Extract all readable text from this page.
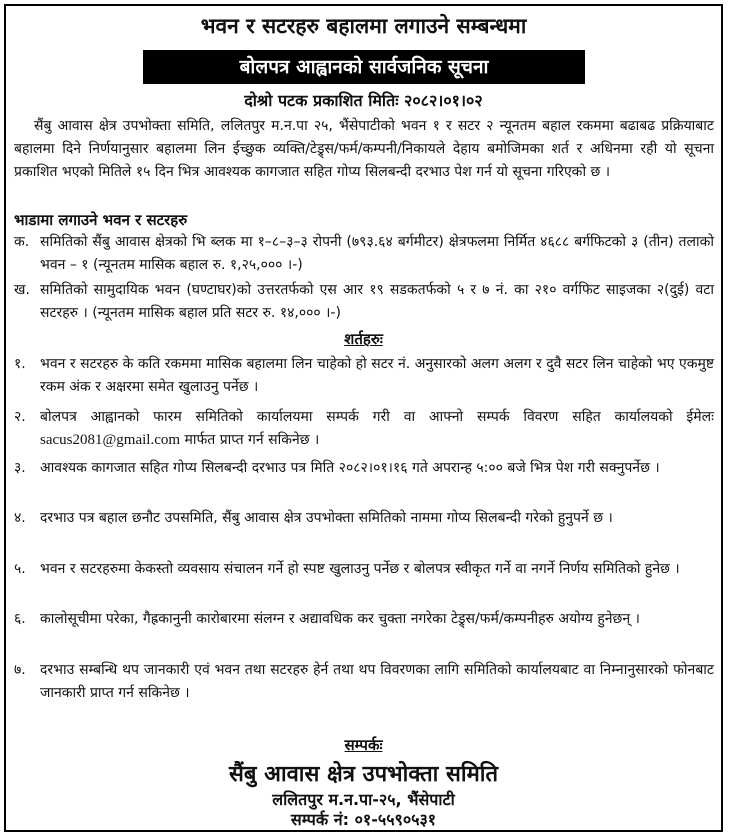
भवन र सटरहरु बहालमा लगाउने सम्बन्धमा
बोलपत्र आह्वानको सार्वजनिक सूचना
दोश्रो पटक प्रकाशित मितिः २०८२।०१।०२
सैंबु आवास क्षेत्र उपभोक्ता समिति, ललितपुर म.न.पा २५, भैंसेपाटीको भवन १ र सटर २ न्यूनतम बहाल रकममा बढाबढ प्रक्रियाबाट बहालमा दिने निर्णयानुसार बहालमा लिन ईच्छुक व्यक्ति/टेड्र्स/फर्म/कम्पनी/निकायले देहाय बमोजिमका शर्त र अधिनमा रही यो सूचना प्रकाशित भएको मितिले १५ दिन भित्र आवश्यक कागजात सहित गोप्य सिलबन्दी दरभाउ पेश गर्न यो सूचना गरिएको छ ।
भाडामा लगाउने भवन र सटरहरु
क. समितिको सैंबु आवास क्षेत्रको भि ब्लक मा १–८–३–३ रोपनी (७९३.६४ बर्गमीटर) क्षेत्रफलमा निर्मित ४६८८ बर्गफिटको ३ (तीन) तलाको भवन – १ (न्यूनतम मासिक बहाल रु. १,२५,००० ।-)
ख. समितिको सामुदायिक भवन (घण्टाघर)को उत्तरतर्फको एस आर १९ सडकतर्फको ५ र ७ नं. का २१० वर्गफिट साइजका २(दुई) वटा सटरहरु । (न्यूनतम मासिक बहाल प्रति सटर रु. १४,००० ।-)
शर्तहरुः
१.	भवन र सटरहरु के कति रकममा मासिक बहालमा लिन चाहेको हो सटर नं. अनुसारको अलग अलग र दुवै सटर लिन चाहेको भए एकमुष्ट रकम अंक र अक्षरमा समेत खुलाउनु पर्नेछ ।
२.	बोलपत्र आह्वानको फारम समितिको कार्यालयमा सम्पर्क गरी वा आफ्नो सम्पर्क विवरण सहित कार्यालयको ईमेलः sacus2081@gmail.com मार्फत प्राप्त गर्न सकिनेछ ।
३.	आवश्यक कागजात सहित गोप्य सिलबन्दी दरभाउ पत्र मिति २०८२।०१।१६ गते अपरान्ह ५:०० बजे भित्र पेश गरी सक्नुपर्नेछ ।
४.	दरभाउ पत्र बहाल छनौट उपसमिति, सैंबु आवास क्षेत्र उपभोक्ता समितिको नाममा गोप्य सिलबन्दी गरेको हुनुपर्ने छ ।
५.	भवन र सटरहरुमा केकस्तो व्यवसाय संचालन गर्ने हो स्पष्ट खुलाउनु पर्नेछ र बोलपत्र स्वीकृत गर्ने वा नगर्ने निर्णय समितिको हुनेछ ।
६.	कालोसूचीमा परेका, गैह्रकानुनी कारोबारमा संलग्न र अद्यावधिक कर चुक्ता नगरेका टेड्र्स/फर्म/कम्पनीहरु अयोग्य हुनेछन् ।
७.	दरभाउ सम्बन्धि थप जानकारी एवं भवन तथा सटरहरु हेर्न तथा थप विवरणका लागि समितिको कार्यालयबाट वा निम्नानुसारको फोनबाट जानकारी प्राप्त गर्न सकिनेछ ।
सम्पर्कः
सैंबु आवास क्षेत्र उपभोक्ता समिति
ललितपुर म.न.पा-२५, भैंसेपाटी
सम्पर्क नं: ०१-५५९०५३१
